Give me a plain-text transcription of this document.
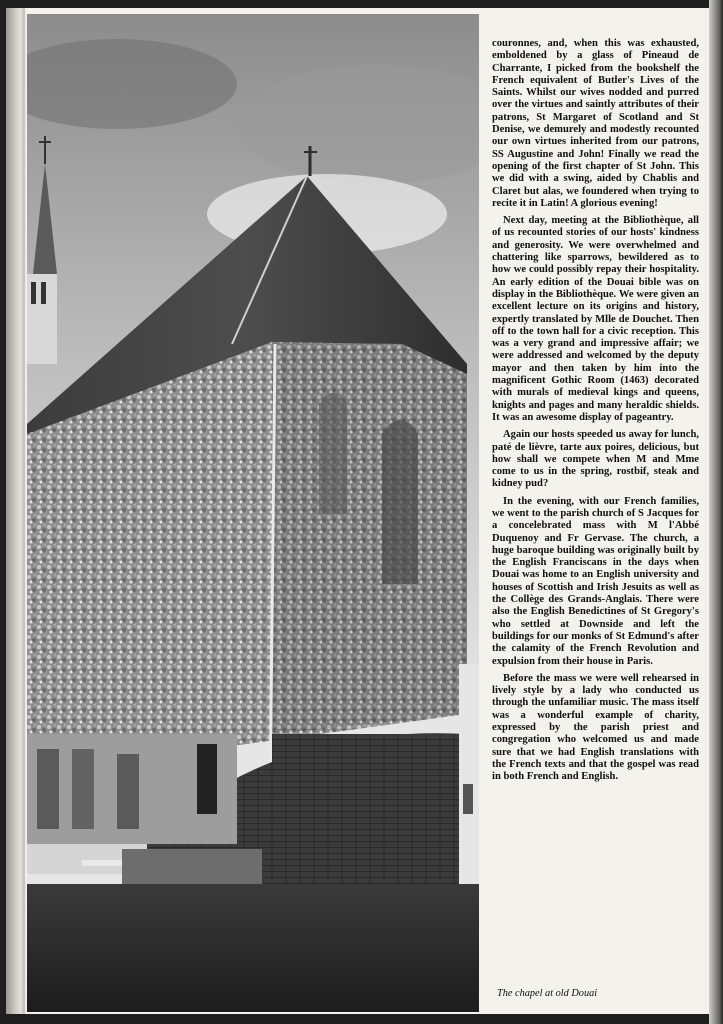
couronnes, and, when this was exhausted, emboldened by a glass of Pineaud de Charrante, I picked from the bookshelf the French equivalent of Butler's Lives of the Saints. Whilst our wives nodded and purred over the virtues and saintly attributes of their patrons, St Margaret of Scotland and St Denise, we demurely and modestly recounted our own virtues inherited from our patrons, SS Augustine and John! Finally we read the opening of the first chapter of St John. This we did with a swing, aided by Chablis and Claret but alas, we foundered when trying to recite it in Latin! A glorious evening!

Next day, meeting at the Bibliothèque, all of us recounted stories of our hosts' kindness and generosity. We were overwhelmed and chattering like sparrows, bewildered as to how we could possibly repay their hospitality. An early edition of the Douai bible was on display in the Bibliothèque. We were given an excellent lecture on its origins and history, expertly translated by Mlle de Douchet. Then off to the town hall for a civic reception. This was a very grand and impressive affair; we were addressed and welcomed by the deputy mayor and then taken by him into the magnificent Gothic Room (1463) decorated with murals of medieval kings and queens, knights and pages and many heraldic shields. It was an awesome display of pageantry.

Again our hosts speeded us away for lunch, paté de lièvre, tarte aux poires, delicious, but how shall we compete when M and Mme come to us in the spring, rostbif, steak and kidney pud?

In the evening, with our French families, we went to the parish church of S Jacques for a concelebrated mass with M l'Abbé Duquenoy and Fr Gervase. The church, a huge baroque building was originally built by the English Franciscans in the days when Douai was home to an English university and houses of Scottish and Irish Jesuits as well as the Collège des Grands-Anglais. There were also the English Benedictines of St Gregory's who settled at Downside and left the buildings for our monks of St Edmund's after the calamity of the French Revolution and expulsion from their house in Paris.

Before the mass we were well rehearsed in lively style by a lady who conducted us through the unfamiliar music. The mass itself was a wonderful example of charity, expressed by the parish priest and congregation who welcomed us and made sure that we had English translations with the French texts and that the gospel was read in both French and English.

The chapel at old Douai
